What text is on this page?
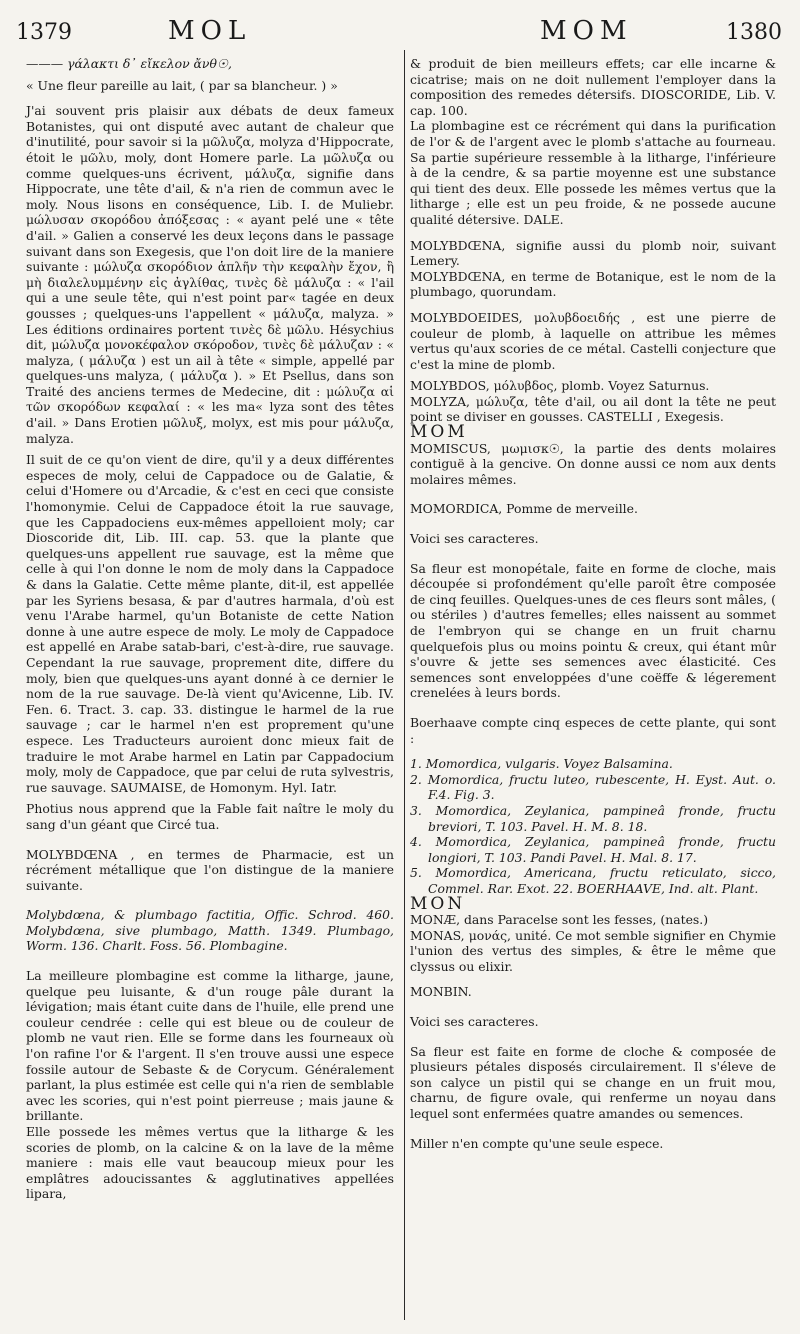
1379	MOL	MOM	1380

——— γάλακτι δ᾽ εἴκελον ἄνθ☉,

« Une fleur pareille au lait, ( par sa blancheur. ) »

J'ai souvent pris plaisir aux débats de deux fameux Botanistes, qui ont disputé avec autant de chaleur que d'inutilité, pour savoir si la μῶλυζα, molyza d'Hippocrate, étoit le μῶλυ, moly, dont Homere parle. La μῶλυζα ou comme quelques-uns écrivent, μάλυζα, signifie dans Hippocrate, une tête d'ail, & n'a rien de commun avec le moly. Nous lisons en conséquence, Lib. I. de Muliebr. μώλυσαν σκορόδου ἀπόξεσας : « ayant pelé une « tête d'ail. » Galien a conservé les deux leçons dans le passage suivant dans son Exegesis, que l'on doit lire de la maniere suivante : μώλυζα σκορόδιον ἁπλῆν τὴν κεφαλὴν ἔχον, ἢ μὴ διαλελυμμένην εἰς ἀγλίθας, τινὲς δὲ μάλυζα : « l'ail qui a une seule tête, qui n'est point par« tagée en deux gousses ; quelques-uns l'appellent « μάλυζα, malyza. » Les éditions ordinaires portent τινὲς δὲ μῶλυ. Hésychius dit, μώλυζα μονοκέφαλον σκόροδον, τινὲς δὲ μάλυζαν : « malyza, ( μάλυζα ) est un ail à tête « simple, appellé par quelques-uns malyza, ( μάλυζα ). » Et Psellus, dans son Traité des anciens termes de Medecine, dit : μώλυζα αἱ τῶν σκορόδων κεφαλαί : « les ma« lyza sont des têtes d'ail. » Dans Erotien μῶλυξ, molyx, est mis pour μάλυζα, malyza.

Il suit de ce qu'on vient de dire, qu'il y a deux différentes especes de moly, celui de Cappadoce ou de Galatie, & celui d'Homere ou d'Arcadie, & c'est en ceci que consiste l'homonymie. Celui de Cappadoce étoit la rue sauvage, que les Cappadociens eux-mêmes appelloient moly; car Dioscoride dit, Lib. III. cap. 53. que la plante que quelques-uns appellent rue sauvage, est la même que celle à qui l'on donne le nom de moly dans la Cappadoce & dans la Galatie. Cette même plante, dit-il, est appellée par les Syriens besasa, & par d'autres harmala, d'où est venu l'Arabe harmel, qu'un Botaniste de cette Nation donne à une autre espece de moly. Le moly de Cappadoce est appellé en Arabe satab-bari, c'est-à-dire, rue sauvage. Cependant la rue sauvage, proprement dite, differe du moly, bien que quelques-uns ayant donné à ce dernier le nom de la rue sauvage. De-là vient qu'Avicenne, Lib. IV. Fen. 6. Tract. 3. cap. 33. distingue le harmel de la rue sauvage ; car le harmel n'en est proprement qu'une espece. Les Traducteurs auroient donc mieux fait de traduire le mot Arabe harmel en Latin par Cappadocium moly, moly de Cappadoce, que par celui de ruta sylvestris, rue sauvage. SAUMAISE, de Homonym. Hyl. Iatr.

Photius nous apprend que la Fable fait naître le moly du sang d'un géant que Circé tua.

MOLYBDŒNA , en termes de Pharmacie, est un récrément métallique que l'on distingue de la maniere suivante.

Molybdœna, & plumbago factitia, Offic. Schrod. 460. Molybdœna, sive plumbago, Matth. 1349. Plumbago, Worm. 136. Charlt. Foss. 56. Plombagine.

La meilleure plombagine est comme la litharge, jaune, quelque peu luisante, & d'un rouge pâle durant la lévigation; mais étant cuite dans de l'huile, elle prend une couleur cendrée : celle qui est bleue ou de couleur de plomb ne vaut rien. Elle se forme dans les fourneaux où l'on rafine l'or & l'argent. Il s'en trouve aussi une espece fossile autour de Sebaste & de Corycum. Généralement parlant, la plus estimée est celle qui n'a rien de semblable avec les scories, qui n'est point pierreuse ; mais jaune & brillante.

Elle possede les mêmes vertus que la litharge & les scories de plomb, on la calcine & on la lave de la même maniere : mais elle vaut beaucoup mieux pour les emplâtres adoucissantes & agglutinatives appellées lipara,

& produit de bien meilleurs effets; car elle incarne & cicatrise; mais on ne doit nullement l'employer dans la composition des remedes détersifs. DIOSCORIDE, Lib. V. cap. 100.

La plombagine est ce récrément qui dans la purification de l'or & de l'argent avec le plomb s'attache au fourneau. Sa partie supérieure ressemble à la litharge, l'inférieure à de la cendre, & sa partie moyenne est une substance qui tient des deux. Elle possede les mêmes vertus que la litharge ; elle est un peu froide, & ne possede aucune qualité détersive. DALE.

MOLYBDŒNA, signifie aussi du plomb noir, suivant Lemery.

MOLYBDŒNA, en terme de Botanique, est le nom de la plumbago, quorundam.

MOLYBDOEIDES, μολυβδοειδής , est une pierre de couleur de plomb, à laquelle on attribue les mêmes vertus qu'aux scories de ce métal. Castelli conjecture que c'est la mine de plomb.

MOLYBDOS, μόλυβδος, plomb. Voyez Saturnus.

MOLYZA, μώλυζα, tête d'ail, ou ail dont la tête ne peut point se diviser en gousses. CASTELLI , Exegesis.

MOM

MOMISCUS, μωμισκ☉, la partie des dents molaires contiguë à la gencive. On donne aussi ce nom aux dents molaires mêmes.

MOMORDICA, Pomme de merveille.

Voici ses caracteres.

Sa fleur est monopétale, faite en forme de cloche, mais découpée si profondément qu'elle paroît être composée de cinq feuilles. Quelques-unes de ces fleurs sont mâles, ( ou stériles ) d'autres femelles; elles naissent au sommet de l'embryon qui se change en un fruit charnu quelquefois plus ou moins pointu & creux, qui étant mûr s'ouvre & jette ses semences avec élasticité. Ces semences sont enveloppées d'une coëffe & légerement crenelées à leurs bords.

Boerhaave compte cinq especes de cette plante, qui sont :

1. Momordica, vulgaris. Voyez Balsamina.

2. Momordica, fructu luteo, rubescente, H. Eyst. Aut. o. F.4. Fig. 3.

3. Momordica, Zeylanica, pampineâ fronde, fructu breviori, T. 103. Pavel. H. M. 8. 18.

4. Momordica, Zeylanica, pampineâ fronde, fructu longiori, T. 103. Pandi Pavel. H. Mal. 8. 17.

5. Momordica, Americana, fructu reticulato, sicco, Commel. Rar. Exot. 22. BOERHAAVE, Ind. alt. Plant.

MON

MONÆ, dans Paracelse sont les fesses, (nates.)

MONAS, μονάς, unité. Ce mot semble signifier en Chymie l'union des vertus des simples, & être le même que clyssus ou elixir.

MONBIN.

Voici ses caracteres.

Sa fleur est faite en forme de cloche & composée de plusieurs pétales disposés circulairement. Il s'éleve de son calyce un pistil qui se change en un fruit mou, charnu, de figure ovale, qui renferme un noyau dans lequel sont enfermées quatre amandes ou semences.

Miller n'en compte qu'une seule espece.
